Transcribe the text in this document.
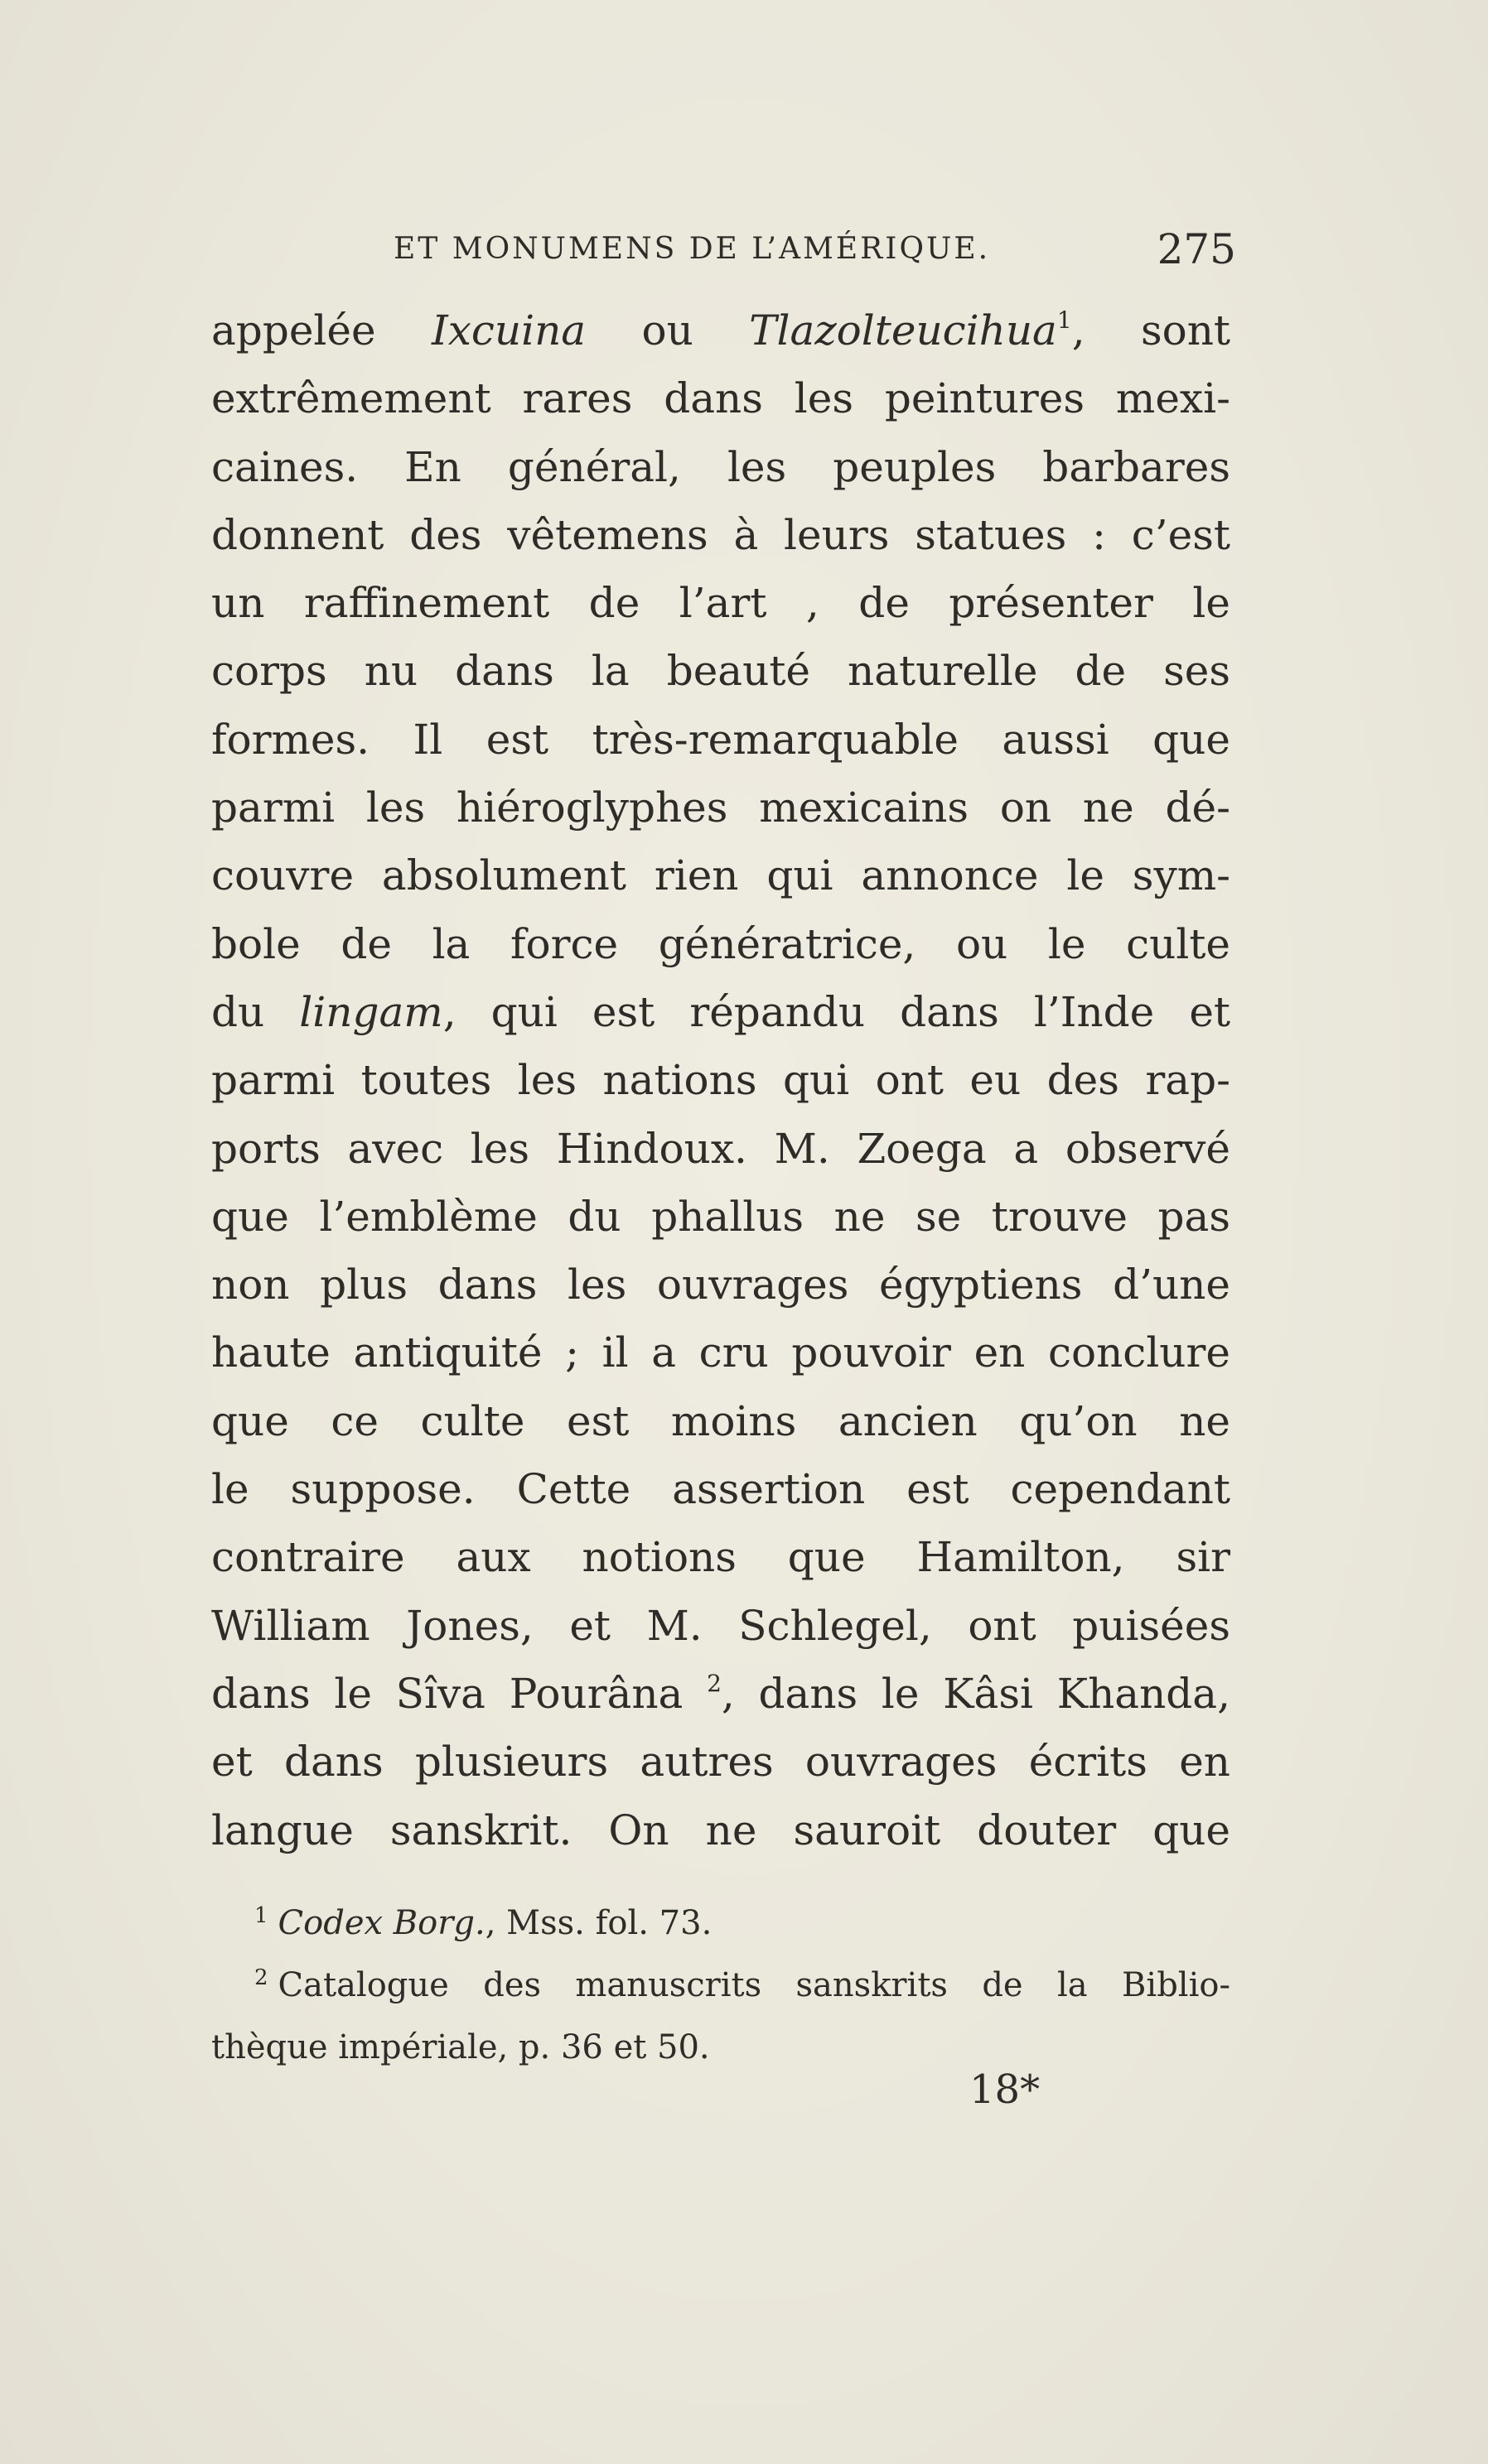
ET MONUMENS DE L’AMÉRIQUE.	275
appelée Ixcuina ou Tlazolteucihua$^1$, sont
extrêmement rares dans les peintures mexi-
caines. En général, les peuples barbares
donnent des vêtemens à leurs statues : c’est
un raffinement de l’art , de présenter le
corps nu dans la beauté naturelle de ses
formes. Il est très-remarquable aussi que
parmi les hiéroglyphes mexicains on ne dé-
couvre absolument rien qui annonce le sym-
bole de la force génératrice, ou le culte
du lingam, qui est répandu dans l’Inde et
parmi toutes les nations qui ont eu des rap-
ports avec les Hindoux. M. Zoega a observé
que l’emblème du phallus ne se trouve pas
non plus dans les ouvrages égyptiens d’une
haute antiquité ; il a cru pouvoir en conclure
que ce culte est moins ancien qu’on ne
le suppose. Cette assertion est cependant
contraire aux notions que Hamilton, sir
William Jones, et M. Schlegel, ont puisées
dans le Sîva Pourâna $^2$, dans le Kâsi Khanda,
et dans plusieurs autres ouvrages écrits en
langue sanskrit. On ne sauroit douter que
$^1$ Codex Borg., Mss. fol. 73.
$^2$ Catalogue des manuscrits sanskrits de la Biblio-
thèque impériale, p. 36 et 50.
18*
